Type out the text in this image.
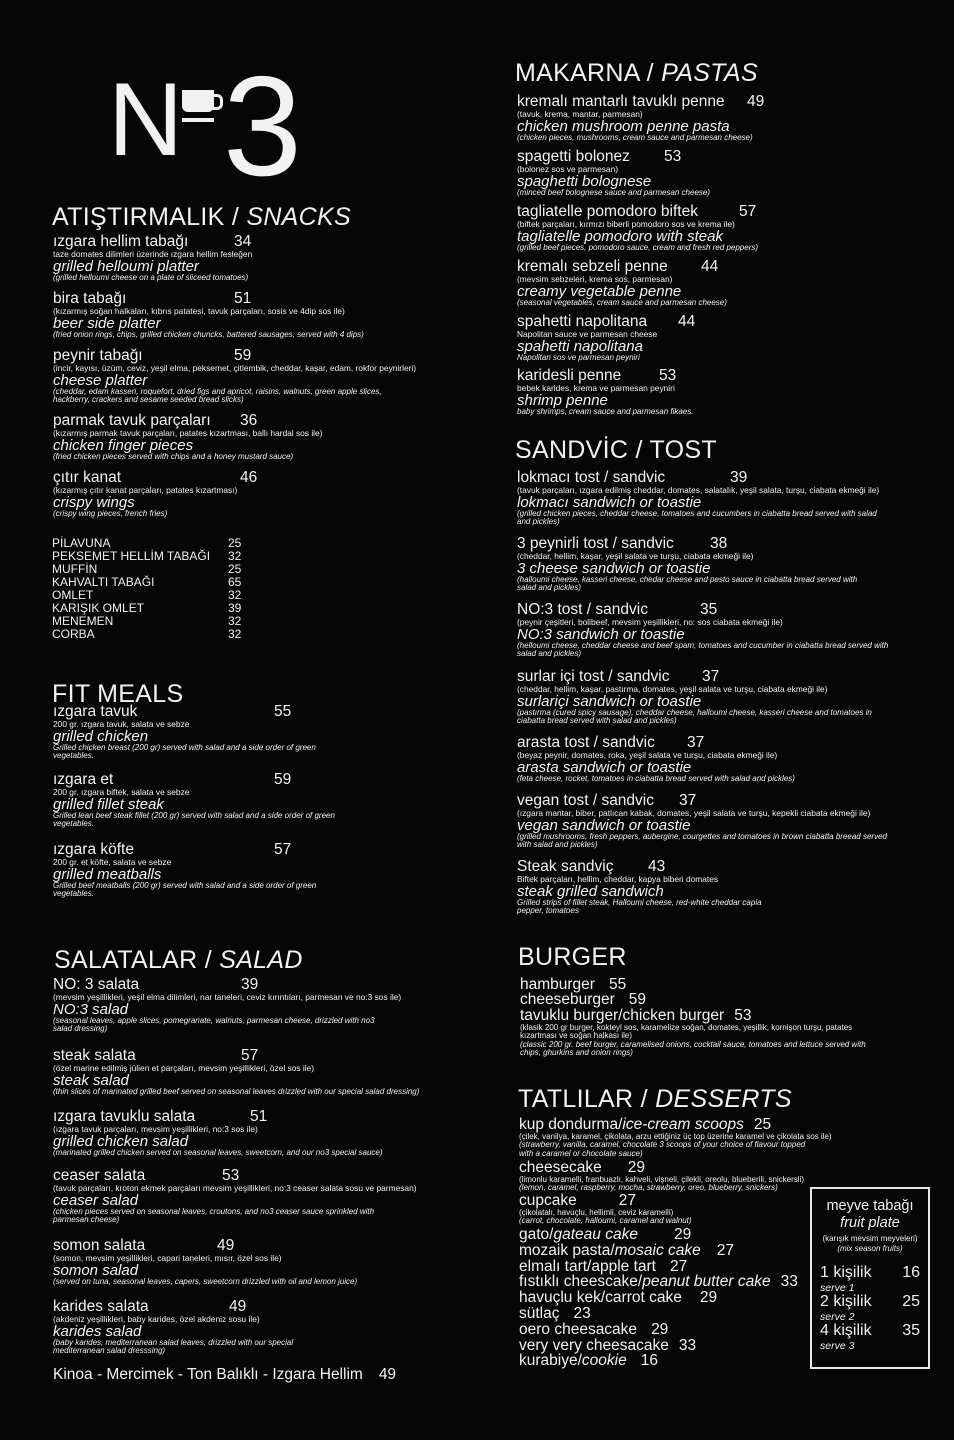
N 3
ATIŞTIRMALIK / SNACKS
ızgara hellim tabağı	34
taze domates dilimleri üzerinde ızgara hellim fesleğen
grilled helloumi platter
(grilled helloumi cheese on a plate of sliceed tomatoes)
bira tabağı	51
(kızarmış soğan halkaları, kıbrıs patatesi, tavuk parçaları, sosis ve 4dip sos ile)
beer side platter
(fried onion rings, chips, grilled chicken chuncks, battered sausages, served with 4 dips)
peynir tabağı	59
(incir, kayısı, üzüm, ceviz, yeşil elma, peksemet, çitlembik, cheddar, kaşar, edam, rokfor peynirleri)
cheese platter
(cheddar, edam kasseri, roquefort, dried figs and apricot, raisins, walnuts, green apple slices, hackberry, crackers and sesame seeded bread slicks)
parmak tavuk parçaları	36
(kızarmış parmak tavuk parçaları, patates kızartması, ballı hardal sos ile)
chicken finger pieces
(fried chicken pieces served with chips and a honey mustard sauce)
çıtır kanat	46
(kızarmış çıtır kanat parçaları, patates kızartması)
crispy wings
(crispy wing pieces, french fries)
PİLAVUNA	25
PEKSEMET HELLİM TABAĞI 32
MUFFİN	25
KAHVALTI TABAĞI	65
OMLET	32
KARIŞIK OMLET	39
MENEMEN	32
CORBA	32
FIT MEALS
ızgara tavuk	55
200 gr. ızgara tavuk, salata ve sebze
grilled chicken
Grilled chicken breast (200 gr) served with salad and a side order of green vegetables.
ızgara et	59
200 gr. ızgara biftek, salata ve sebze
grilled fillet steak
Grilled lean beef steak fillet (200 gr) served with salad and a side order of green vegetables.
ızgara köfte	57
200 gr. et köfte, salata ve sebze
grilled meatballs
Grilled beef meatballs (200 gr) served with salad and a side order of green vegetables.
SALATALAR / SALAD
NO: 3 salata	39
(mevsim yeşillikleri, yeşil elma dilimleri, nar taneleri, ceviz kırıntıları, parmesan ve no:3 sos ile)
NO:3 salad
(seasonal leaves, apple slices, pomegranate, walnuts, parmesan cheese, drizzled with no3 salad dressing)
steak salata	57
(özel marine edilmiş jülien et parçaları, mevsim yeşillikleri, özel sos ile)
steak salad
(thin slices of marinated grilled beef served on seasonal leaves drizzled with our special salad dressing)
ızgara tavuklu salata	51
(ızgara tavuk parçaları, mevsim yeşillikleri, no:3 sos ile)
grilled chicken salad
(marinated grilled chicken served on seasonal leaves, sweetcorn, and our no3 special sauce)
ceaser salata	53
(tavuk parçaları, kroton ekmek parçaları mevsim yeşillikleri, no:3 ceaser salata sosu ve parmesan)
ceaser salad
(chicken pieces served on seasonal leaves, croutons, and no3 ceaser sauce sprinkled with parmesan cheese)
somon salata	49
(somon, mevsim yeşillikleri, capari taneleri, mısır, özel sos ile)
somon salad
(served on tuna, seasonal leaves, capers, sweetcorn drizzled with oil and lemon juice)
karides salata	49
(akdeniz yeşillikleri, baby karides, özel akdeniz sosu ile)
karides salad
(baby karides, mediterranean salad leaves, drizzled with our special mediterranean salad dresssing)
Kinoa - Mercimek - Ton Balıklı - Izgara Hellim 49
MAKARNA / PASTAS
kremalı mantarlı tavuklı penne	49
(tavuk, krema, mantar, parmesan)
chicken mushroom penne pasta
(chicken pieces, mushrooms, cream sauce and parmesan cheese)
spagetti bolonez	53
(bolonez sos ve parmesan)
spaghetti bolognese
(minced beef bolognese sauce and parmesan cheese)
tagliatelle pomodoro biftek	57
(biftek parçaları, kırmızı biberli pomodoro sos ve krema ile)
tagliatelle pomodoro with steak
(grilled beef pieces, pomodoro sauce, cream and fresh red peppers)
kremalı sebzeli penne	44
(mevsim sebzeleri, krema sos, parmesan)
creamy vegetable penne
(seasonal vegetables, cream sauce and parmesan cheese)
spahetti napolitana	44
Napolitan sauce ve parmesan cheese
spahetti napolitana
Napolitan sos ve parmesan peyniri
karidesli penne	53
bebek karides, krema ve parmesan peyniri
shrimp penne
baby shrimps, cream sauce and parmesan fikaes.
SANDVİC / TOST
lokmacı tost / sandvic	39
(tavuk parçaları, ızgara edilmiş cheddar, domates, salatalık, yeşil salata, turşu, ciabata ekmeği ile)
lokmacı sandwich or toastie
(grilled chicken pieces, cheddar cheese, tomatoes and cucumbers in ciabatta bread served with salad and pickles)
3 peynirli tost / sandvic	38
(cheddar, hellim, kaşar, yeşil salata ve turşu, ciabata ekmeği ile)
3 cheese sandwich or toastie
(halloumi cheese, kasseri cheese, chedar cheese and pesto sauce in ciabatta bread served with salad and pickles)
NO:3 tost / sandvic	35
(peynir çeşitleri, bolibeef, mevsim yeşillikleri, no: sos ciabata ekmeği ile)
NO:3 sandwich or toastie
(helloumi cheese, cheddar cheese and beef spam, tomatoes and cucumber in ciabatta bread served with salad and pickles)
surlar içi tost / sandvic	37
(cheddar, hellim, kaşar, pastırma, domates, yeşil salata ve turşu, ciabata ekmeği ile)
surlariçi sandwich or toastie
(pastırma (cured spicy sausage), cheddar cheese, halloumi cheese, kasseri cheese and tomatoes in ciabatta bread served with salad and pickles)
arasta tost / sandvic	37
(beyaz peynir, domates, roka, yeşil salata ve turşu, ciabata ekmeği ile)
arasta sandwich or toastie
(feta cheese, rocket, tomatoes in ciabatta bread served with salad and pickles)
vegan tost / sandvic	37
(ızgara mantar, biber, patlıcan kabak, domates, yeşil salata ve turşu, kepekli ciabata ekmeği ile)
vegan sandwich or toastie
(grilled mushrooms, fresh peppers, aubergine, courgettes and tomatoes in brown ciabatta breead served with salad and pickles)
Steak sandviç	43
Biftek parçaları, hellim, cheddar, kapya biberi domates
steak grilled sandwich
Grilled strips of fillet steak, Halloumi cheese, red-white cheddar capia pepper, tomatoes
BURGER
hamburger 55
cheeseburger 59
tavuklu burger/chicken burger 53
(klasik 200 gr burger, kokteyl sos, karamelize soğan, domates, yeşillik, kornişon turşu, patates kızartması ve soğan halkası ile)
(classic 200 gr. beef burger, caramelised onions, cocktail sauce, tomatoes and lettuce served with chips, ghurkins and onion rings)
TATLILAR / DESSERTS
kup dondurma/ice-cream scoops 25
(çilek, vanilya, karamel, çikolata, arzu ettiğiniz üç top üzerine karamel ve çikolata sos ile)
(strawberry, vanilla, caramel, chocolate 3 scoops of your choice of flavour topped with a caramel or chocolate sauce)
cheesecake 29
(limonlu karamelli, franbuazlı, kahveli, vişneli, çilekli, oreolu, blueberili, snickersli)
(lemon, caramel, raspberry, mocha, strawberry, oreo, blueberry, snickers)
cupcake	27
(çikolatalı, havuçlu, hellimli, ceviz karamelli)
(carrot, chocolate, halloumi, caramel and walnut)
gato/gateau cake 29
mozaik pasta/mosaic cake 27
elmalı tart/apple tart 27
fıstıklı cheescake/peanut butter cake 33
havuçlu kek/carrot cake 29
sütlaç 23
oero cheesacake 29
very very cheesacake 33
kurabiye/cookie 16
meyve tabağı
fruit plate
(karışık mevsim meyveleri)
(mix season fruits)
1 kişilik 16
serve 1
2 kişilik 25
serve 2
4 kişilik 35
serve 3
